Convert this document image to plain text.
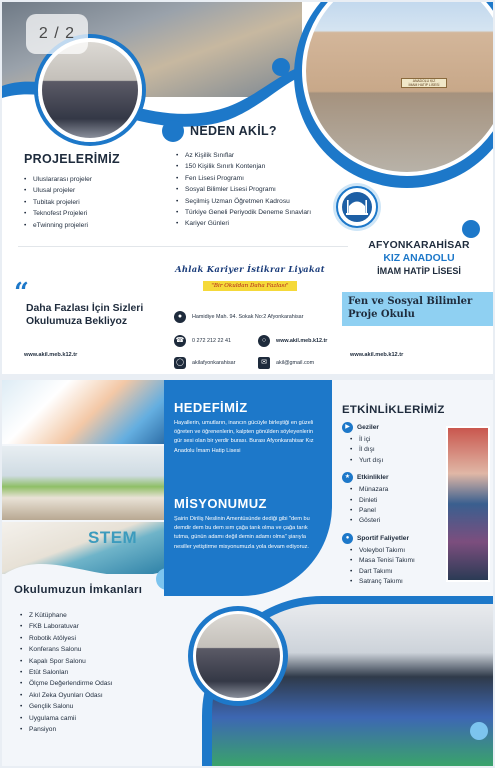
2 / 2
ANADOLU KIZ
İMAM HATİP LİSESİ
PROJELERİMİZ
• Uluslararası projeler
• Ulusal projeler
• Tubitak projeleri
• Teknofest Projeleri
• eTwinning projeleri
NEDEN AKİL?
• Az Kişilik Sınıflar
• 150 Kişilik Sınırlı Kontenjan
• Fen Lisesi Programı
• Sosyal Bilimler Lisesi Programı
• Seçilmiş Uzman Öğretmen Kadrosu
• Türkiye Geneli Periyodik Deneme Sınavları
• Kariyer Günleri
Ahlak Kariyer İstikrar Liyakat
"Bir Okuldan Daha Fazlası"
“
Daha Fazlası İçin Sizleri Okulumuza Bekliyoz
www.akil.meb.k12.tr
●	Hamidiye Mah. 94. Sokak No:2 Afyonkarahisar
☎	0 272 212 22 41	○	www.akil.meb.k12.tr
◯	akilafyonkarahisar	✉	akil@gmail.com
AFYONKARAHİSAR
KIZ ANADOLU
İMAM HATİP LİSESİ
Fen ve Sosyal Bilimler Proje Okulu
www.akil.meb.k12.tr
STEM
Okulumuzun İmkanları
• Z Kütüphane
• FKB Laboratuvar
• Robotik Atölyesi
• Konferans Salonu
• Kapalı Spor Salonu
• Etüt Salonları
• Ölçme Değerlendirme Odası
• Akıl Zeka Oyunları Odası
• Gençlik Salonu
• Uygulama camii
• Pansiyon
HEDEFİMİZ
Hayallerin, umutların, inancın gücüyle birleştiği en güzeli öğreten ve öğrenenlerin, kalpten gönülden söyleyenlerin gür sesi olan bir yerdir burası. Burası Afyonkarahisar Kız Anadolu İmam Hatip Lisesi
MİSYONUMUZ
Şairin Diriliş Neslinin Amentüsünde dediği gibi "dem bu demdir dem bu dem sım çağa tarık olma ve çağa tarık tutma, günün adamı değil demin adamı olma" şiarıyla nesiller yetiştirme misyonumuzla yola devam ediyoruz.
ETKİNLİKLERİMİZ
▶	Geziler
• İl içi
• İl dışı
• Yurt dışı
★	Etkinlikler
• Münazara
• Dinleti
• Panel
• Gösteri
●	Sportif Faliyetler
• Voleybol Takımı
• Masa Tenisi Takımı
• Dart Takımı
• Satranç Takımı
